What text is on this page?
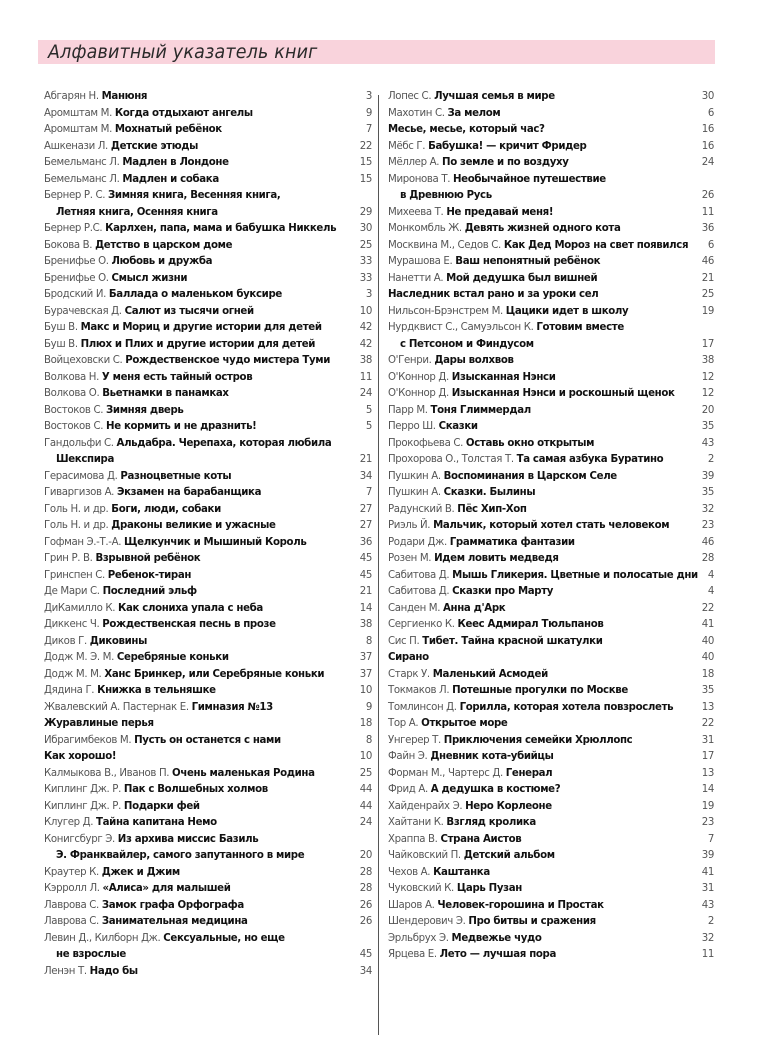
Алфавитный указатель книг
Абгарян Н. Манюня	3
Аромштам М. Когда отдыхают ангелы	9
Аромштам М. Мохнатый ребёнок	7
Ашкенази Л. Детские этюды	22
Бемельманс Л. Мадлен в Лондоне	15
Бемельманс Л. Мадлен и собака	15
Бернер Р. С. Зимняя книга, Весенняя книга,
Летняя книга, Осенняя книга	29
Бернер Р.С. Карлхен, папа, мама и бабушка Никкель	30
Бокова В. Детство в царском доме	25
Бренифье О. Любовь и дружба	33
Бренифье О. Смысл жизни	33
Бродский И. Баллада о маленьком буксире	3
Бурачевская Д. Салют из тысячи огней	10
Буш В. Макс и Мориц и другие истории для детей	42
Буш В. Плюх и Плих и другие истории для детей	42
Войцеховски С. Рождественское чудо мистера Туми	38
Волкова Н. У меня есть тайный остров	11
Волкова О. Вьетнамки в панамках	24
Востоков С. Зимняя дверь	5
Востоков С. Не кормить и не дразнить!	5
Гандольфи С. Альдабра. Черепаха, которая любила
Шекспира	21
Герасимова Д. Разноцветные коты	34
Гиваргизов А. Экзамен на барабанщика	7
Голь Н. и др. Боги, люди, собаки	27
Голь Н. и др. Драконы великие и ужасные	27
Гофман Э.-Т.-А. Щелкунчик и Мышиный Король	36
Грин Р. В. Взрывной ребёнок	45
Гринспен С. Ребенок-тиран	45
Де Мари С. Последний эльф	21
ДиКамилло К. Как слониха упала с неба	14
Диккенс Ч. Рождественская песнь в прозе	38
Диков Г. Диковины	8
Додж М. Э. М. Серебряные коньки	37
Додж М. М. Ханс Бринкер, или Серебряные коньки	37
Дядина Г. Книжка в тельняшке	10
Жвалевский А. Пастернак Е. Гимназия №13	9
Журавлиные перья	18
Ибрагимбеков М. Пусть он останется с нами	8
Как хорошо!	10
Калмыкова В., Иванов П. Очень маленькая Родина	25
Киплинг Дж. Р. Пак с Волшебных холмов	44
Киплинг Дж. Р. Подарки фей	44
Клугер Д. Тайна капитана Немо	24
Конигсбург Э. Из архива миссис Базиль
Э. Франквайлер, самого запутанного в мире	20
Краутер К. Джек и Джим	28
Кэрролл Л. «Алиса» для малышей	28
Лаврова С. Замок графа Орфографа	26
Лаврова С. Занимательная медицина	26
Левин Д., Килборн Дж. Сексуальные, но еще
не взрослые	45
Ленэн Т. Надо бы	34
Лопес С. Лучшая семья в мире	30
Махотин С. За мелом	6
Месье, месье, который час?	16
Мёбс Г. Бабушка! — кричит Фридер	16
Мёллер А. По земле и по воздуху	24
Миронова Т. Необычайное путешествие
в Древнюю Русь	26
Михеева Т. Не предавай меня!	11
Монкомбль Ж. Девять жизней одного кота	36
Москвина М., Седов С. Как Дед Мороз на свет появился	6
Мурашова Е. Ваш непонятный ребёнок	46
Нанетти А. Мой дедушка был вишней	21
Наследник встал рано и за уроки сел	25
Нильсон-Брэнстрем М. Цацики идет в школу	19
Нурдквист С., Самуэльсон К. Готовим вместе
с Петсоном и Финдусом	17
О'Генри. Дары волхвов	38
О'Коннор Д. Изысканная Нэнси	12
О'Коннор Д. Изысканная Нэнси и роскошный щенок	12
Парр М. Тоня Глиммердал	20
Перро Ш. Сказки	35
Прокофьева С. Оставь окно открытым	43
Прохорова О., Толстая Т. Та самая азбука Буратино	2
Пушкин А. Воспоминания в Царском Селе	39
Пушкин А. Сказки. Былины	35
Радунский В. Пёс Хип-Хоп	32
Риэль Й. Мальчик, который хотел стать человеком	23
Родари Дж. Грамматика фантазии	46
Розен М. Идем ловить медведя	28
Сабитова Д. Мышь Гликерия. Цветные и полосатые дни 4
Сабитова Д. Сказки про Марту	4
Санден М. Анна д'Арк	22
Сергиенко К. Кеес Адмирал Тюльпанов	41
Сис П. Тибет. Тайна красной шкатулки	40
Сирано	40
Старк У. Маленький Асмодей	18
Токмаков Л. Потешные прогулки по Москве	35
Томлинсон Д. Горилла, которая хотела повзрослеть	13
Тор А. Открытое море	22
Унгерер Т. Приключения семейки Хрюллопс	31
Файн Э. Дневник кота-убийцы	17
Форман М., Чартерс Д. Генерал	13
Фрид А. А дедушка в костюме?	14
Хайденрайх Э. Неро Корлеоне	19
Хайтани К. Взгляд кролика	23
Храппа В. Страна Аистов	7
Чайковский П. Детский альбом	39
Чехов А. Каштанка	41
Чуковский К. Царь Пузан	31
Шаров А. Человек-горошина и Простак	43
Шендерович Э. Про битвы и сражения	2
Эрльбрух Э. Медвежье чудо	32
Ярцева Е. Лето — лучшая пора	11
